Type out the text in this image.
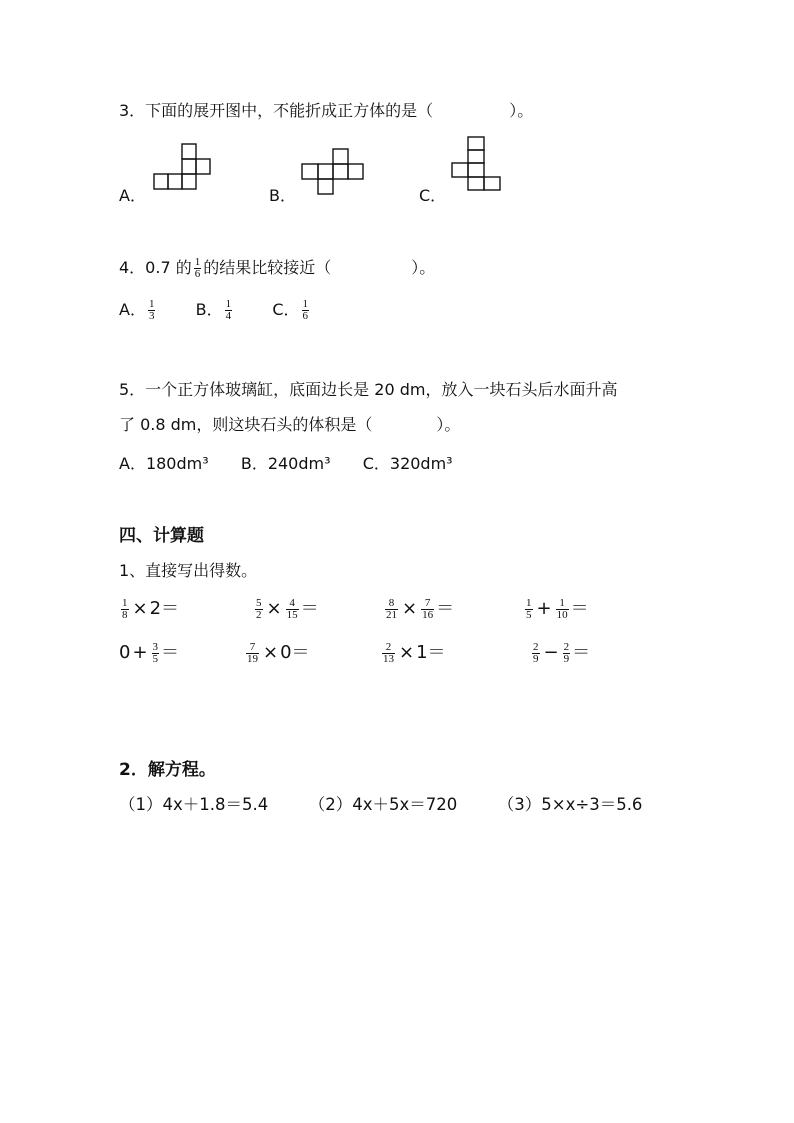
3．下面的展开图中，不能折成正方体的是（	）。
A．	B．	C．
4．0.7 的 $\frac{1}{6}$ 的结果比较接近（	）。
A． $\frac{1}{3}$	B． $\frac{1}{4}$	C． $\frac{1}{6}$
5．一个正方体玻璃缸，底面边长是 20 dm，放入一块石头后水面升高
了 0.8 dm，则这块石头的体积是（	）。
A．180dm³ B．240dm³ C．320dm³
四、计算题
1、直接写出得数。
$\frac{1}{8} \times 2=$	$\frac{5}{2} \times \frac{4}{15}$ ＝	$\frac{8}{21} \times \frac{7}{16}$ ＝	$\frac{1}{5} + \frac{1}{10}$ ＝
$0 + \frac{3}{5}$ ＝	$\frac{7}{19} \times 0=$	$\frac{2}{13} \times 1=$	$\frac{2}{9} - \frac{2}{9}$ ＝
2．解方程。
（1）4x＋1.8＝5.4 （2）4x＋5x＝720 （3）5×x÷3＝5.6
